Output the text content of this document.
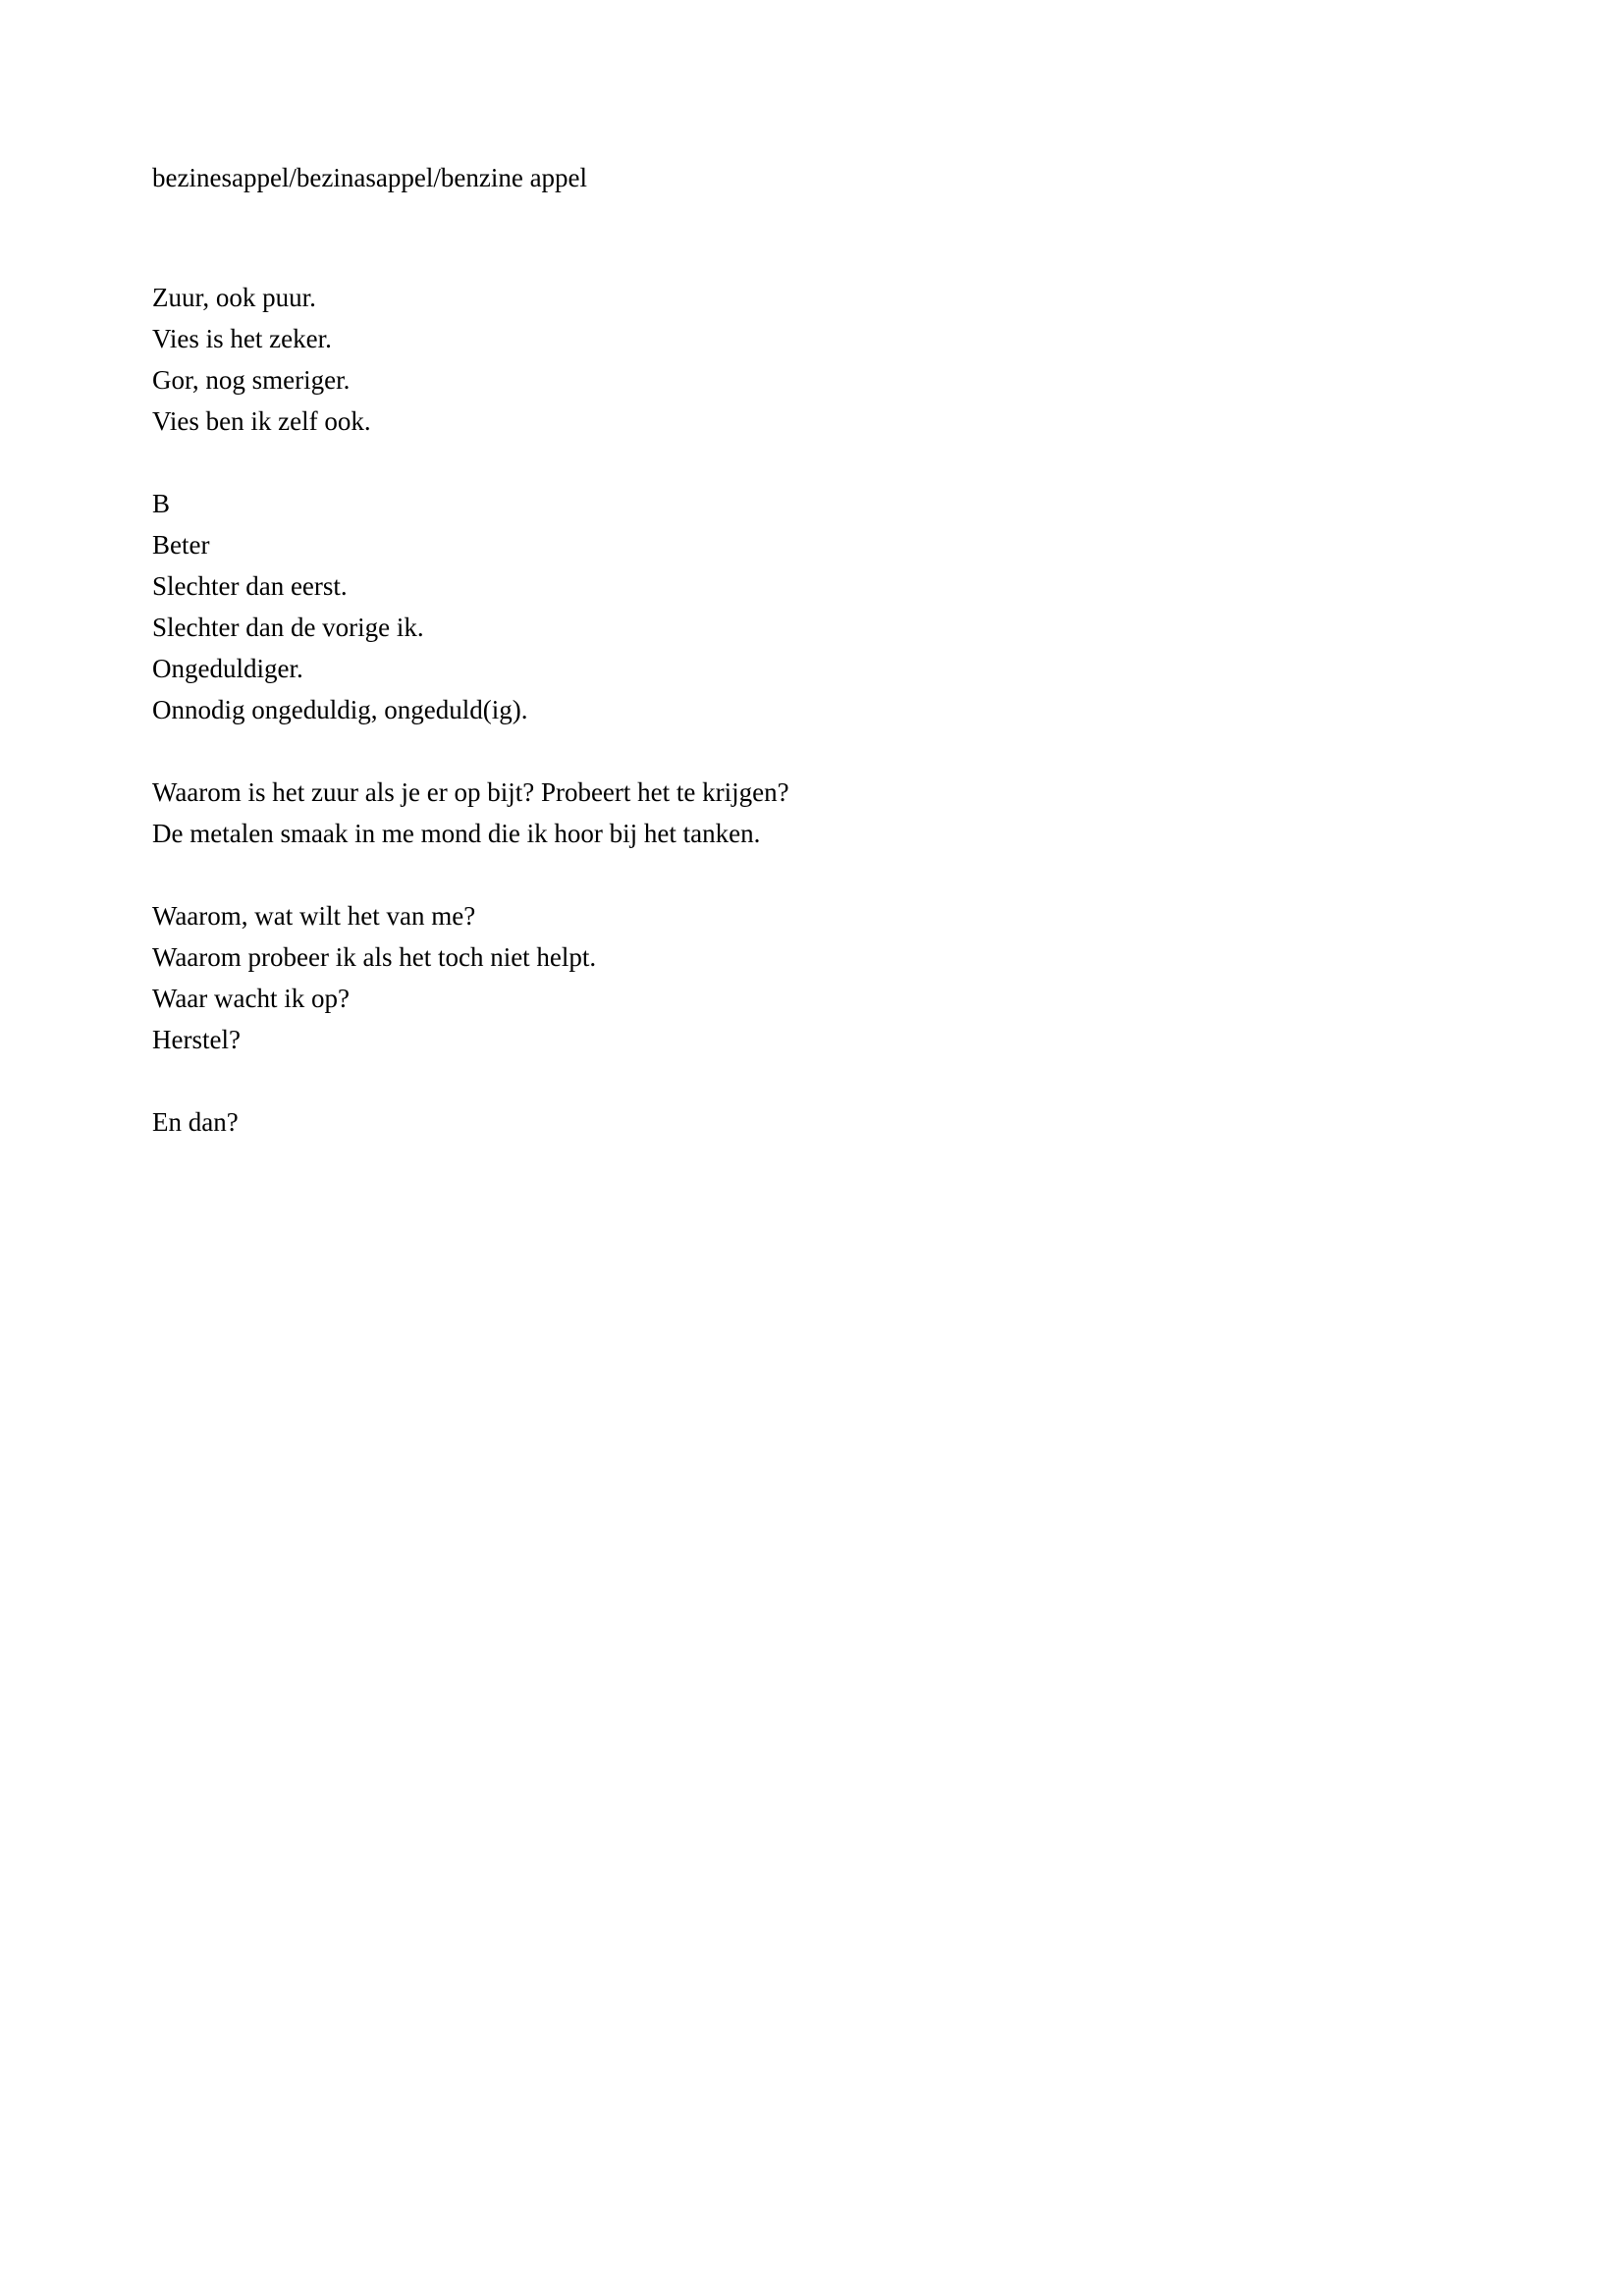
bezinesappel/bezinasappel/benzine appel
Zuur, ook puur.
Vies is het zeker.
Gor, nog smeriger.
Vies ben ik zelf ook.
B
Beter
Slechter dan eerst.
Slechter dan de vorige ik.
Ongeduldiger.
Onnodig ongeduldig, ongeduld(ig).
Waarom is het zuur als je er op bijt? Probeert het te krijgen?
De metalen smaak in me mond die ik hoor bij het tanken.
Waarom, wat wilt het van me?
Waarom probeer ik als het toch niet helpt.
Waar wacht ik op?
Herstel?
En dan?
